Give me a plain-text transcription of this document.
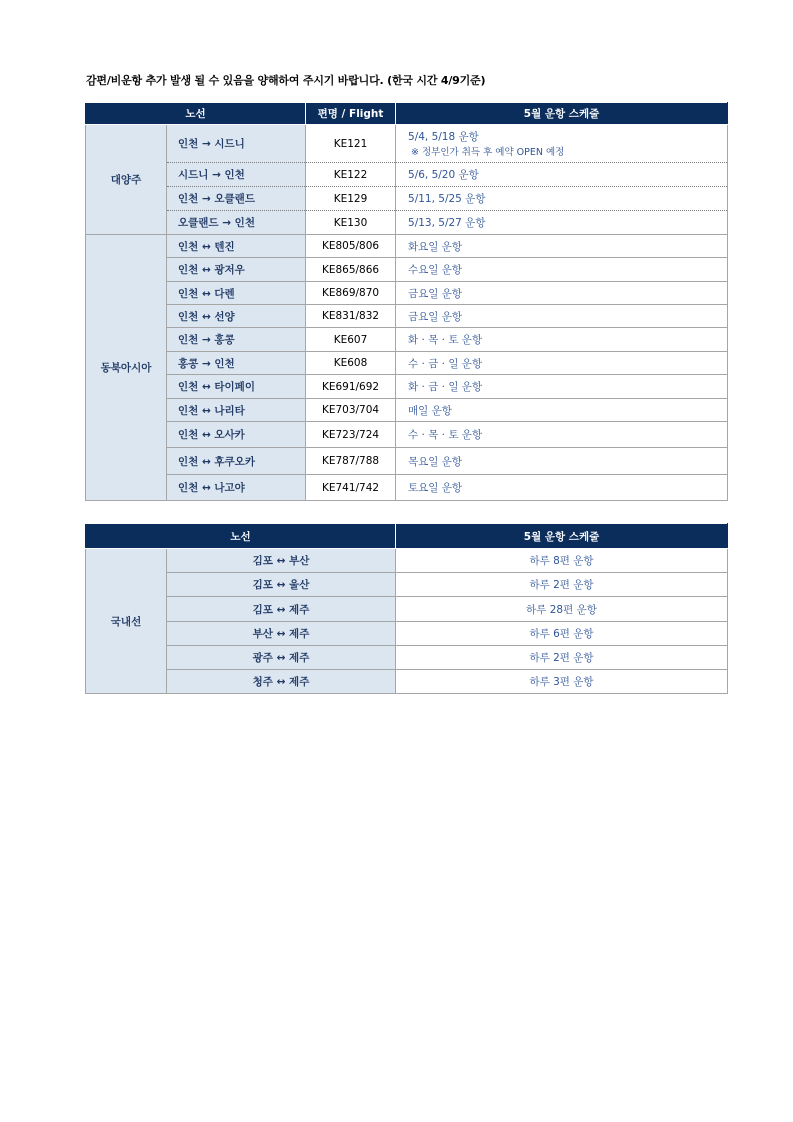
감편/비운항 추가 발생 될 수 있음을 양해하여 주시기 바랍니다. (한국 시간 4/9기준)
노선		편명 / Flight	5월 운항 스케줄
대양주	인천 → 시드니	KE121	5/4, 5/18 운항
※ 정부인가 취득 후 예약 OPEN 예정

	시드니 → 인천	KE122	5/6, 5/20 운항
	인천 → 오클랜드	KE129	5/11, 5/25 운항
	오클랜드 → 인천	KE130	5/13, 5/27 운항
동북아시아	인천 ↔ 텐진	KE805/806	화요일 운항
	인천 ↔ 광저우	KE865/866	수요일 운항
	인천 ↔ 다렌	KE869/870	금요일 운항
	인천 ↔ 선양	KE831/832	금요일 운항
	인천 → 홍콩	KE607	화 · 목 · 토 운항
	홍콩 → 인천	KE608	수 · 금 · 일 운항
	인천 ↔ 타이페이	KE691/692	화 · 금 · 일 운항
	인천 ↔ 나리타	KE703/704	매일 운항
	인천 ↔ 오사카	KE723/724	수 · 목 · 토 운항
	인천 ↔ 후쿠오카	KE787/788	목요일 운항
	인천 ↔ 나고야	KE741/742	토요일 운항
노선		5월 운항 스케줄
국내선	김포 ↔ 부산	하루 8편 운항
	김포 ↔ 울산	하루 2편 운항
	김포 ↔ 제주	하루 28편 운항
	부산 ↔ 제주	하루 6편 운항
	광주 ↔ 제주	하루 2편 운항
	청주 ↔ 제주	하루 3편 운항
